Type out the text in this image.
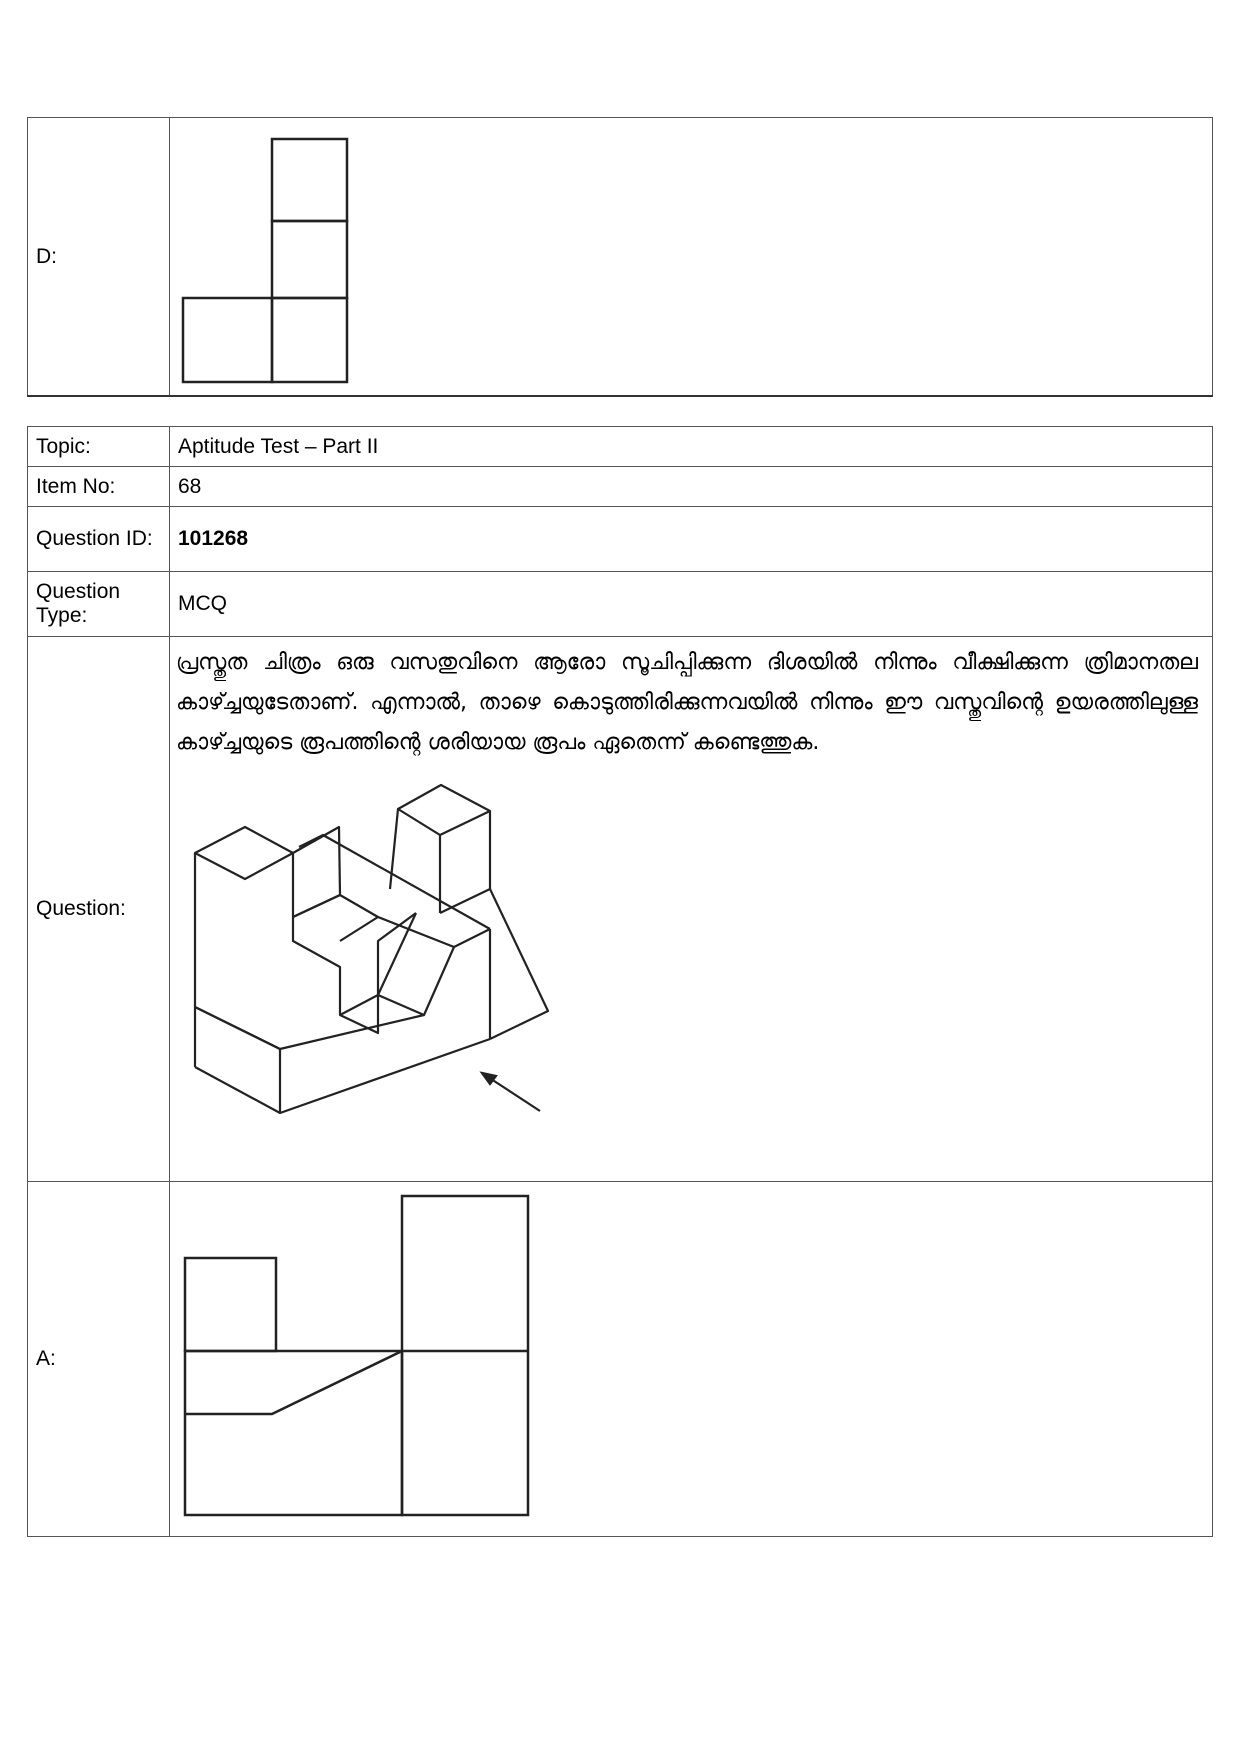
D:	
Topic:	Aptitude Test – Part II
Item No:	68
Question ID:	101268
Question Type:	MCQ
Question:	പ്രസ്തുത ചിത്രം ഒരു വസതുവിനെ ആരോ സൂചിപ്പിക്കുന്ന ദിശയിൽ നിന്നും വീക്ഷിക്കുന്ന ത്രിമാനതല കാഴ്ച്ചയുടേതാണ്. എന്നാൽ, താഴെ കൊടുത്തിരിക്കുന്നവയിൽ നിന്നും ഈ വസ്തുവിന്റെ ഉയരത്തിലുള്ള കാഴ്ച്ചയുടെ രൂപത്തിന്റെ ശരിയായ രൂപം ഏതെന്ന് കണ്ടെത്തുക.

A:	
